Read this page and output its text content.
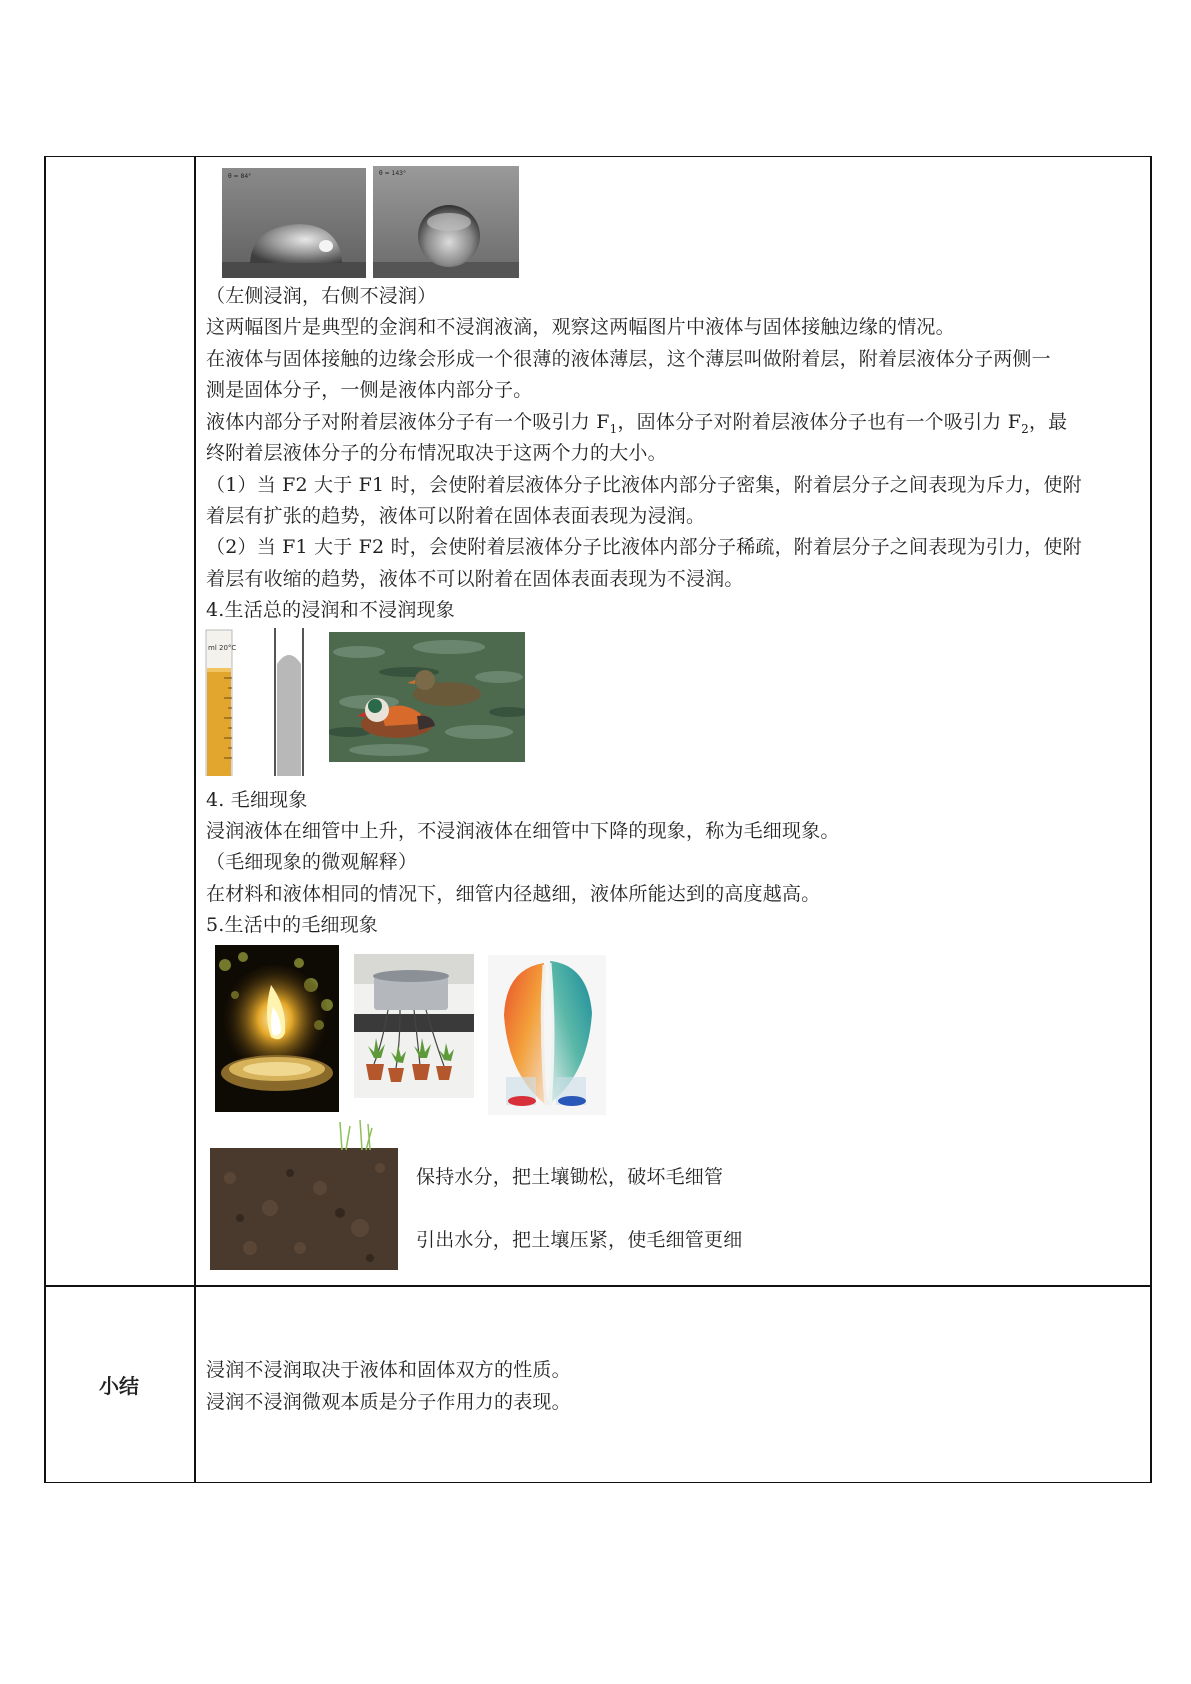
θ = 84°	θ = 143°
（左侧浸润，右侧不浸润）
这两幅图片是典型的金润和不浸润液滴，观察这两幅图片中液体与固体接触边缘的情况。
在液体与固体接触的边缘会形成一个很薄的液体薄层，这个薄层叫做附着层，附着层液体分子两侧一
测是固体分子，一侧是液体内部分子。
液体内部分子对附着层液体分子有一个吸引力 $F_1$，固体分子对附着层液体分子也有一个吸引力 $F_2$，最
终附着层液体分子的分布情况取决于这两个力的大小。
（1）当 F2 大于 F1 时，会使附着层液体分子比液体内部分子密集，附着层分子之间表现为斥力，使附
着层有扩张的趋势，液体可以附着在固体表面表现为浸润。
（2）当 F1 大于 F2 时，会使附着层液体分子比液体内部分子稀疏，附着层分子之间表现为引力，使附
着层有收缩的趋势，液体不可以附着在固体表面表现为不浸润。
4.生活总的浸润和不浸润现象
ml 20°C
4. 毛细现象
浸润液体在细管中上升，不浸润液体在细管中下降的现象，称为毛细现象。
（毛细现象的微观解释）
在材料和液体相同的情况下，细管内径越细，液体所能达到的高度越高。
5.生活中的毛细现象
保持水分，把土壤锄松，破坏毛细管
引出水分，把土壤压紧，使毛细管更细
小结
浸润不浸润取决于液体和固体双方的性质。
浸润不浸润微观本质是分子作用力的表现。
